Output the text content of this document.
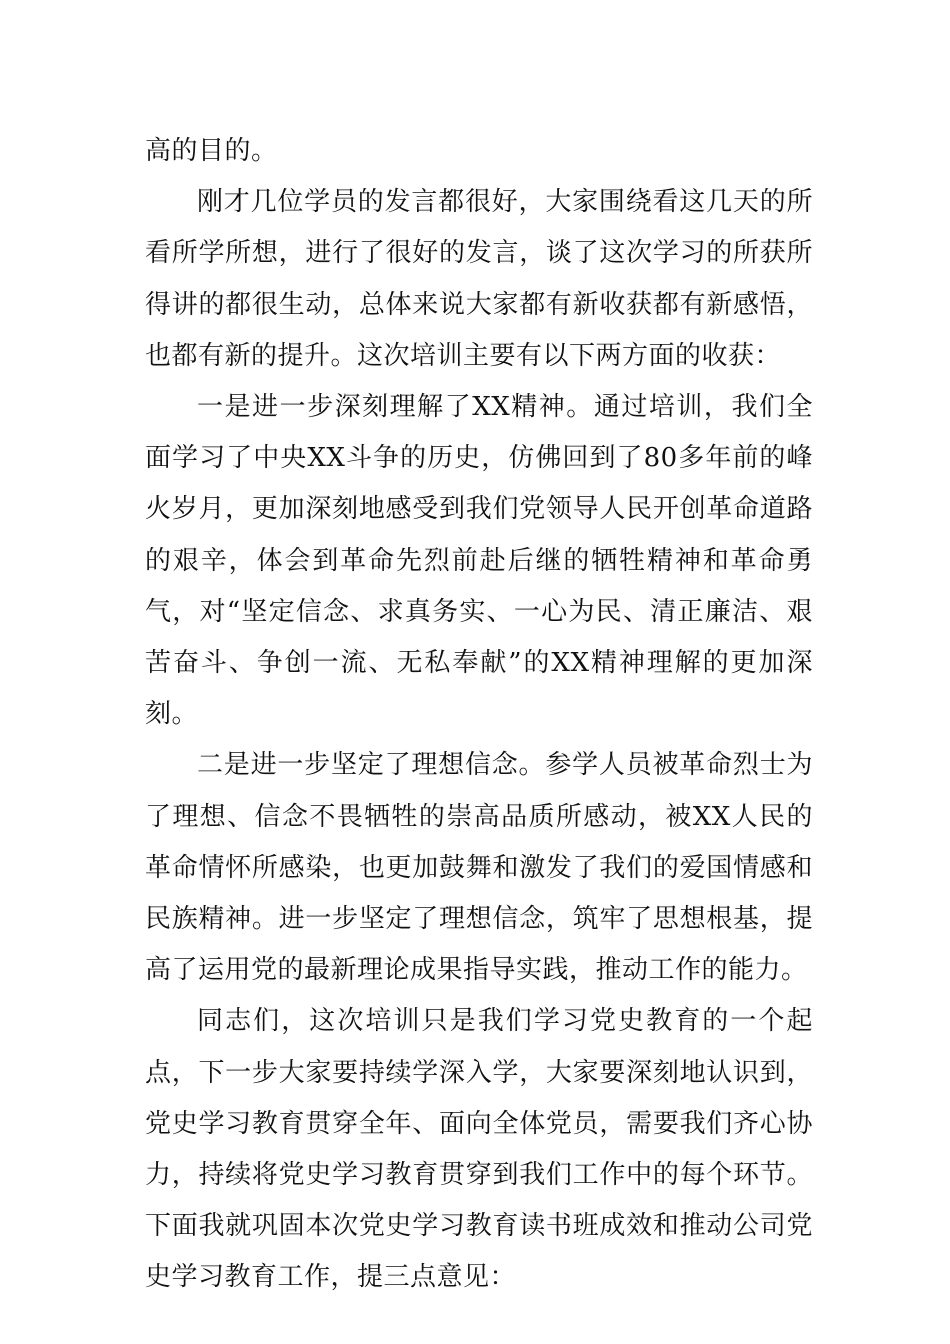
高的目的。

刚才几位学员的发言都很好，大家围绕看这几天的所看所学所想，进行了很好的发言，谈了这次学习的所获所得讲的都很生动，总体来说大家都有新收获都有新感悟，也都有新的提升。这次培训主要有以下两方面的收获：

一是进一步深刻理解了XX精神。通过培训，我们全面学习了中央XX斗争的历史，仿佛回到了80多年前的峰火岁月，更加深刻地感受到我们党领导人民开创革命道路的艰辛，体会到革命先烈前赴后继的牺牲精神和革命勇气，对“坚定信念、求真务实、一心为民、清正廉洁、艰苦奋斗、争创一流、无私奉献”的XX精神理解的更加深刻。

二是进一步坚定了理想信念。参学人员被革命烈士为了理想、信念不畏牺牲的崇高品质所感动，被XX人民的革命情怀所感染，也更加鼓舞和激发了我们的爱国情感和民族精神。进一步坚定了理想信念，筑牢了思想根基，提高了运用党的最新理论成果指导实践，推动工作的能力。

同志们，这次培训只是我们学习党史教育的一个起点，下一步大家要持续学深入学，大家要深刻地认识到，党史学习教育贯穿全年、面向全体党员，需要我们齐心协力，持续将党史学习教育贯穿到我们工作中的每个环节。下面我就巩固本次党史学习教育读书班成效和推动公司党史学习教育工作，提三点意见：
